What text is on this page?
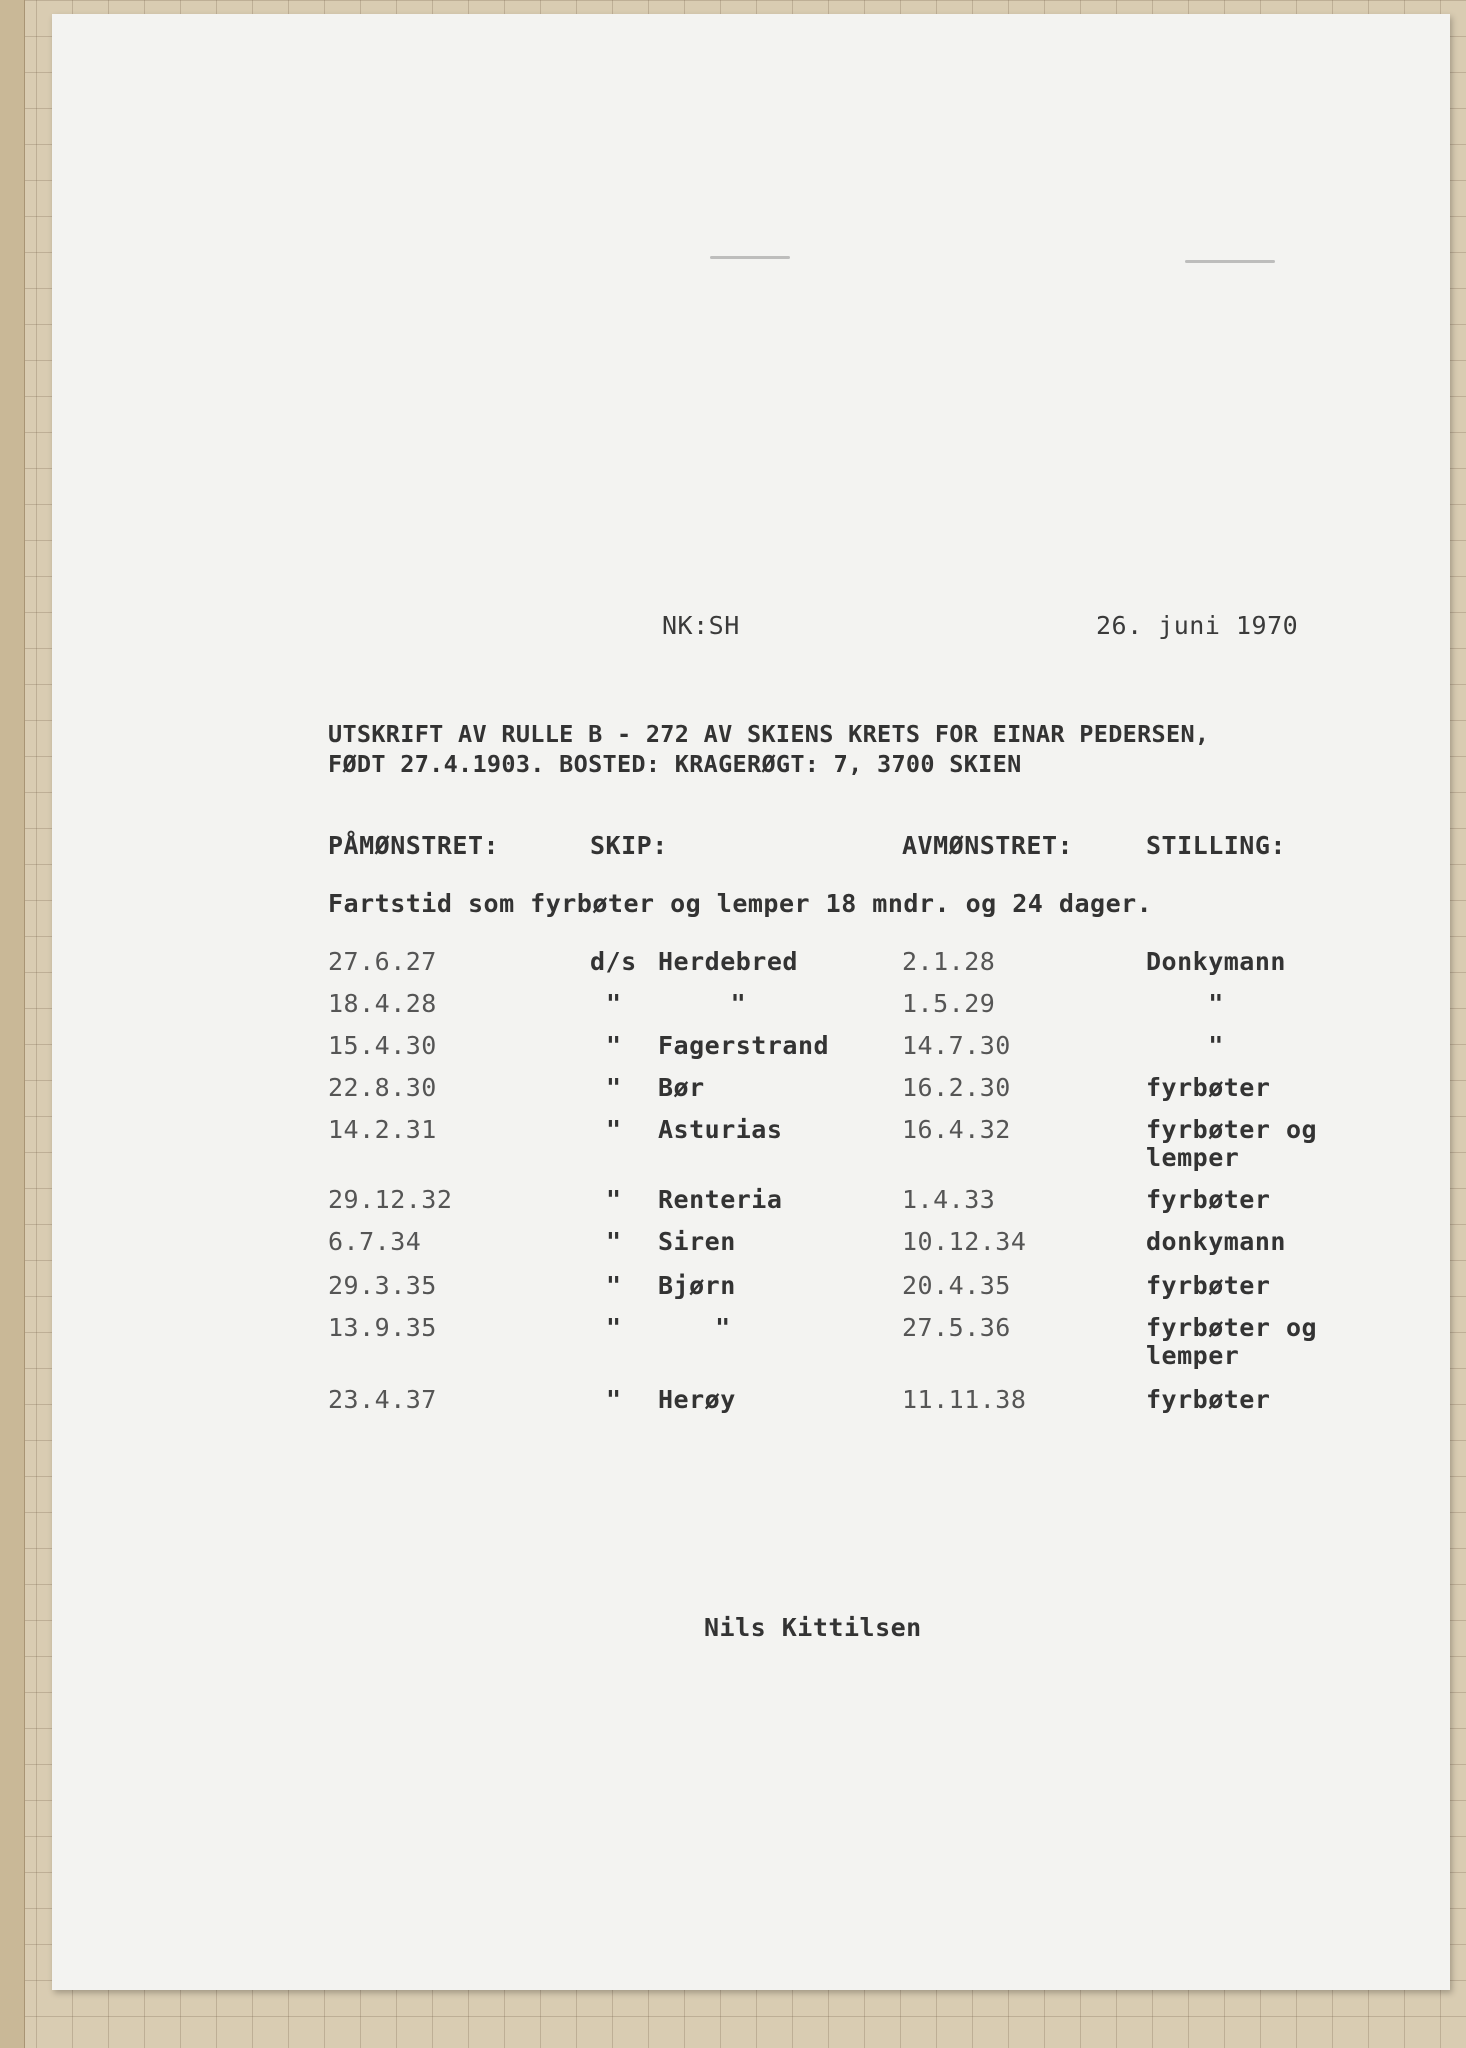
NK:SH	26. juni 1970
UTSKRIFT AV RULLE B - 272 AV SKIENS KRETS FOR EINAR PEDERSEN,
FØDT 27.4.1903. BOSTED: KRAGERØGT: 7, 3700 SKIEN
PÅMØNSTRET:	SKIP:	AVMØNSTRET:	STILLING:
Fartstid som fyrbøter og lemper 18 mndr. og 24 dager.
27.6.27	d/s Herdebred	2.1.28	Donkymann
18.4.28	" "	1.5.29	"
15.4.30	" Fagerstrand	14.7.30	"
22.8.30	" Bør	16.2.30	fyrbøter
14.2.31	" Asturias	16.4.32	fyrbøter og
lemper
29.12.32	" Renteria	1.4.33	fyrbøter
6.7.34	" Siren	10.12.34	donkymann
29.3.35	" Bjørn	20.4.35	fyrbøter
13.9.35	" "	27.5.36	fyrbøter og
lemper
23.4.37	" Herøy	11.11.38	fyrbøter
Nils Kittilsen
